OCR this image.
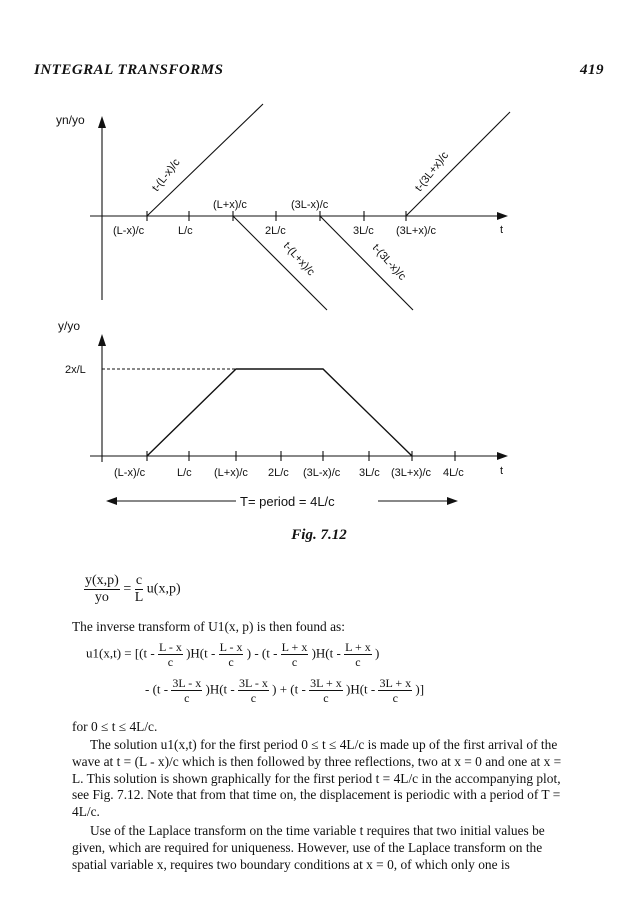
INTEGRAL TRANSFORMS	419
yn/yo
t
(L-x)/c	L/c	2L/c	3L/c (3L+x)/c
(L+x)/c	(3L-x)/c
t-(L-x)/c
t-(L+x)/c	t-(3L-x)/c
t-(3L+x)/c
y/yo
2x/L
t
(L-x)/c	L/c (L+x)/c 2L/c (3L-x)/c 3L/c (3L+x)/c 4L/c
T= period = 4L/c
Fig. 7.12
$\frac{y(x,p)}{yo} = \frac{c}{L} u(x,p)$
The inverse transform of U1(x, p) is then found as:
$u1(x,t) = [(t - \frac{L - x}{c} )H(t - \frac{L - x}{c}$ ) - $(t - \frac{L + x}{c} )H(t - \frac{L + x}{c}$ )
- $(t - \frac{3L - x}{c} )H(t - \frac{3L - x}{c}$ ) + $(t - \frac{3L + x}{c} )H(t - \frac{3L + x}{c}$ )]
for 0 ≤ t ≤ 4L/c.
The solution u1(x,t) for the first period 0 ≤ t ≤ 4L/c is made up of the first arrival of the wave at t = (L - x)/c which is then followed by three reflections, two at x = 0 and one at x = L. This solution is shown graphically for the first period t = 4L/c in the accompanying plot, see Fig. 7.12. Note that from that time on, the displacement is periodic with a period of T = 4L/c.
Use of the Laplace transform on the time variable t requires that two initial values be given, which are required for uniqueness. However, use of the Laplace transform on the spatial variable x, requires two boundary conditions at x = 0, of which only one is
